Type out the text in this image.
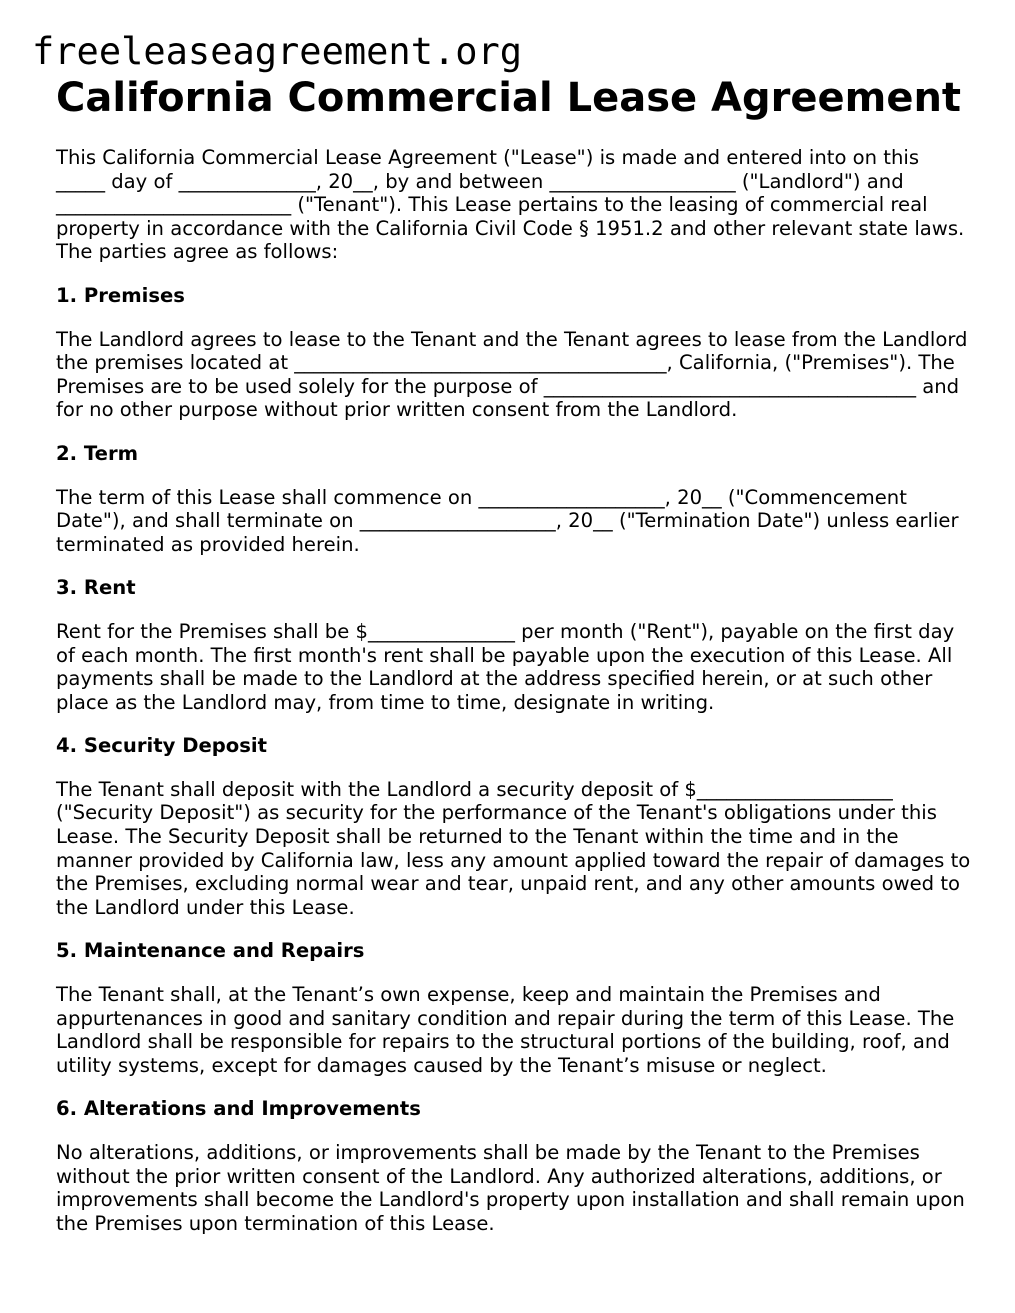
freeleaseagreement.org
California Commercial Lease Agreement

This California Commercial Lease Agreement ("Lease") is made and entered into on this _____ day of ______________, 20__, by and between ___________________ ("Landlord") and ________________________ ("Tenant"). This Lease pertains to the leasing of commercial real property in accordance with the California Civil Code § 1951.2 and other relevant state laws. The parties agree as follows:

1. Premises

The Landlord agrees to lease to the Tenant and the Tenant agrees to lease from the Landlord the premises located at ______________________________________, California, ("Premises"). The Premises are to be used solely for the purpose of ______________________________________ and for no other purpose without prior written consent from the Landlord.

2. Term

The term of this Lease shall commence on ___________________, 20__ ("Commencement Date"), and shall terminate on ____________________, 20__ ("Termination Date") unless earlier terminated as provided herein.

3. Rent

Rent for the Premises shall be $_______________ per month ("Rent"), payable on the first day of each month. The first month's rent shall be payable upon the execution of this Lease. All payments shall be made to the Landlord at the address specified herein, or at such other place as the Landlord may, from time to time, designate in writing.

4. Security Deposit

The Tenant shall deposit with the Landlord a security deposit of $____________________ ("Security Deposit") as security for the performance of the Tenant's obligations under this Lease. The Security Deposit shall be returned to the Tenant within the time and in the manner provided by California law, less any amount applied toward the repair of damages to the Premises, excluding normal wear and tear, unpaid rent, and any other amounts owed to the Landlord under this Lease.

5. Maintenance and Repairs

The Tenant shall, at the Tenant’s own expense, keep and maintain the Premises and appurtenances in good and sanitary condition and repair during the term of this Lease. The Landlord shall be responsible for repairs to the structural portions of the building, roof, and utility systems, except for damages caused by the Tenant’s misuse or neglect.

6. Alterations and Improvements

No alterations, additions, or improvements shall be made by the Tenant to the Premises without the prior written consent of the Landlord. Any authorized alterations, additions, or improvements shall become the Landlord's property upon installation and shall remain upon the Premises upon termination of this Lease.
